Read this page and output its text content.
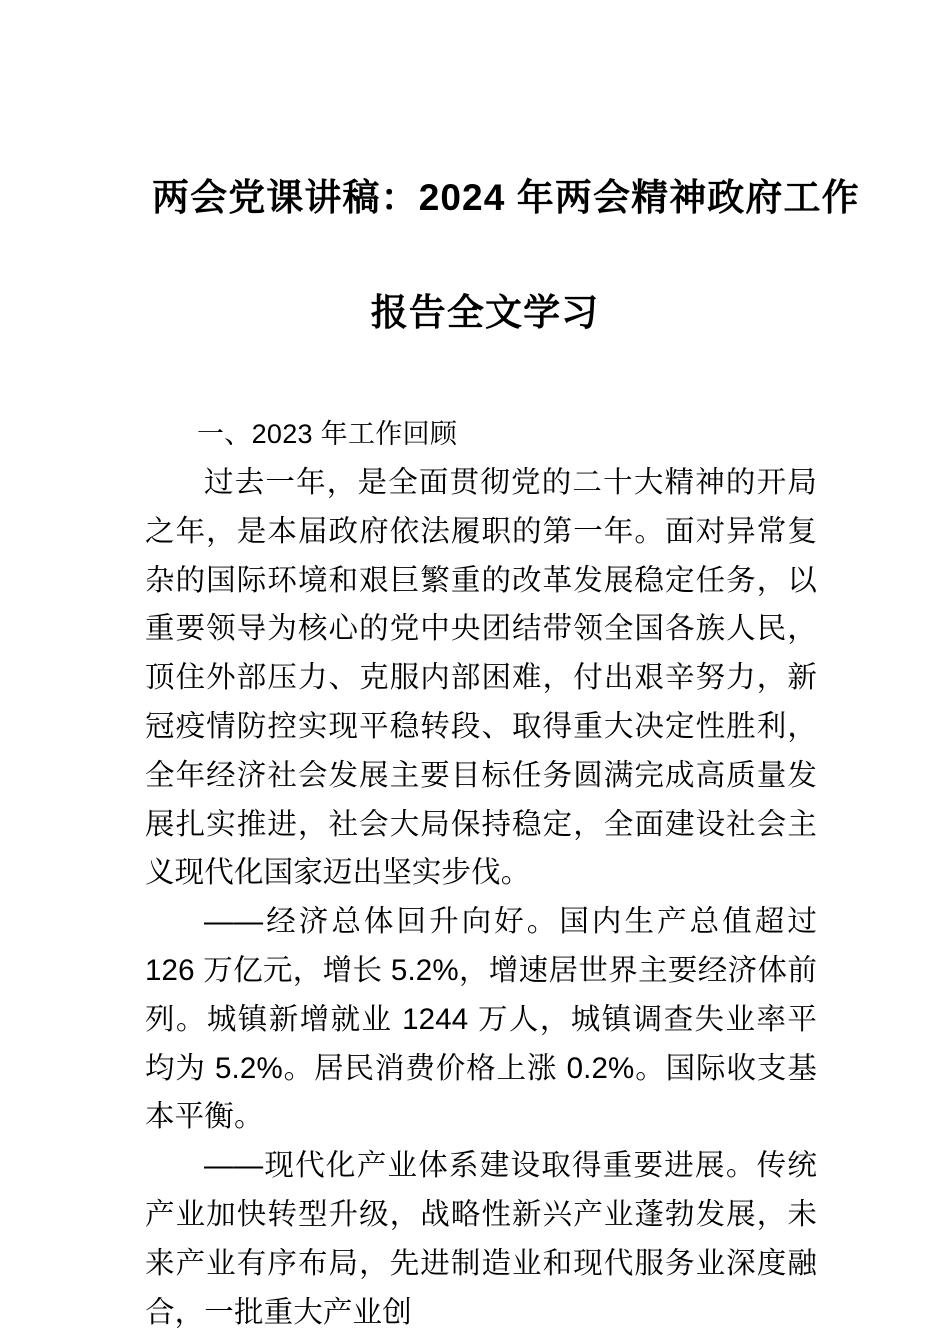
两会党课讲稿：2024 年两会精神政府工作
报告全文学习
一、2023 年工作回顾

过去一年，是全面贯彻党的二十大精神的开局之年，是本届政府依法履职的第一年。面对异常复杂的国际环境和艰巨繁重的改革发展稳定任务，以重要领导为核心的党中央团结带领全国各族人民，顶住外部压力、克服内部困难，付出艰辛努力，新冠疫情防控实现平稳转段、取得重大决定性胜利，全年经济社会发展主要目标任务圆满完成高质量发展扎实推进，社会大局保持稳定，全面建设社会主义现代化国家迈出坚实步伐。

——经济总体回升向好。国内生产总值超过 126 万亿元，增长 5.2%，增速居世界主要经济体前列。城镇新增就业 1244 万人，城镇调查失业率平均为 5.2%。居民消费价格上涨 0.2%。国际收支基本平衡。

——现代化产业体系建设取得重要进展。传统产业加快转型升级，战略性新兴产业蓬勃发展，未来产业有序布局，先进制造业和现代服务业深度融合，一批重大产业创
